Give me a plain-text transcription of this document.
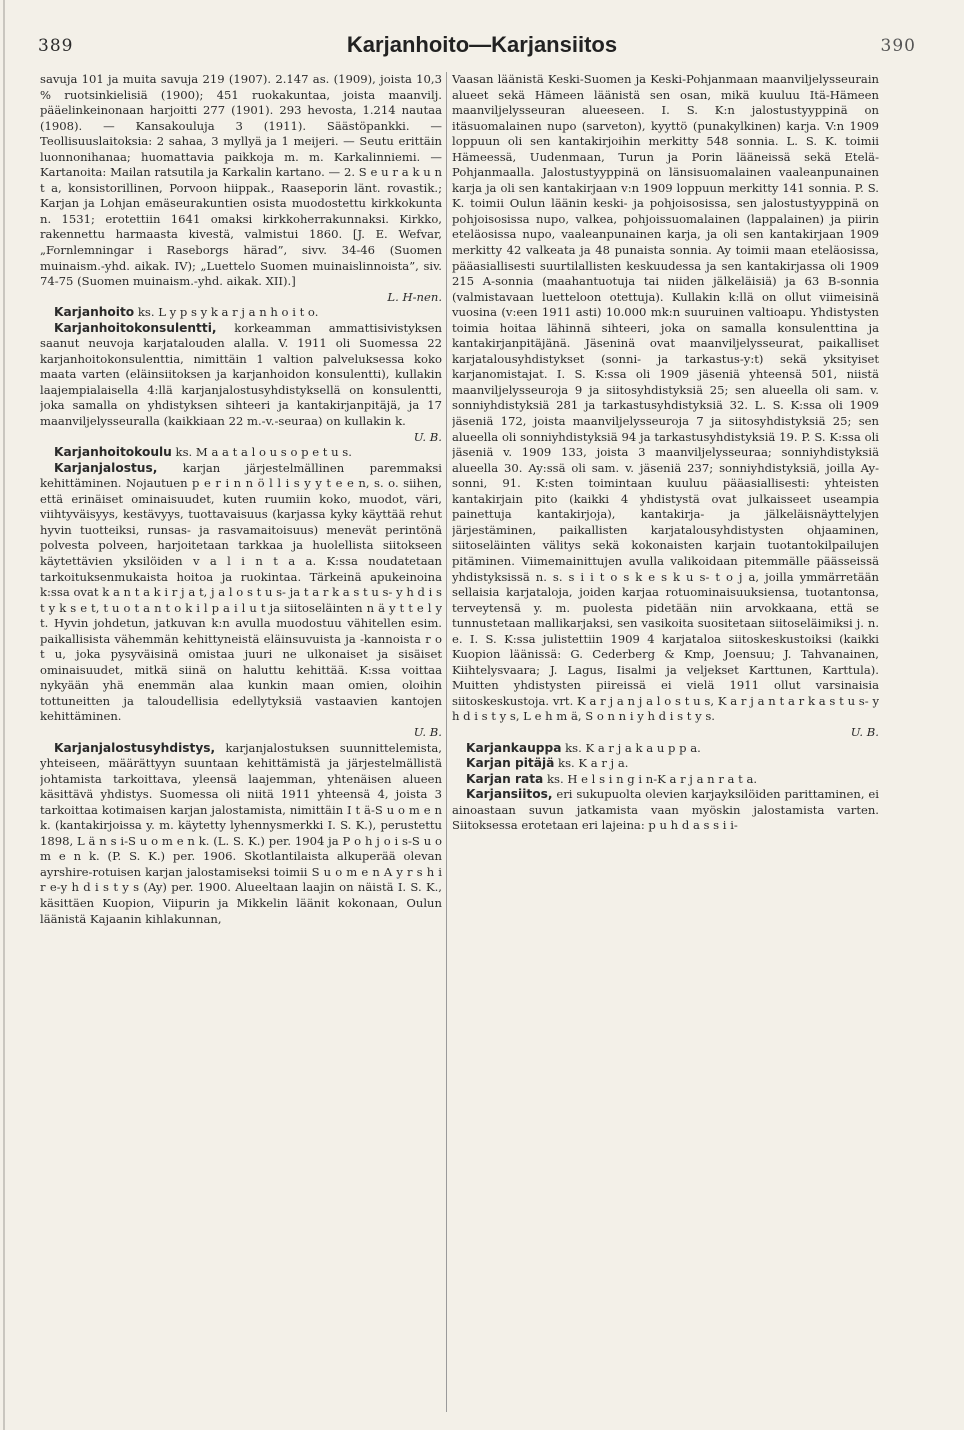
389	Karjanhoito—Karjansiitos	390

savuja 101 ja muita savuja 219 (1907). 2.147 as. (1909), joista 10,3 % ruotsinkielisiä (1900); 451 ruokakuntaa, joista maanvilj. pääelinkeinonaan harjoitti 277 (1901). 293 hevosta, 1.214 nautaa (1908). — Kansakouluja 3 (1911). Säästöpankki. — Teollisuuslaitoksia: 2 sahaa, 3 myllyä ja 1 meijeri. — Seutu erittäin luonnonihanaa; huomattavia paikkoja m. m. Karkalinniemi. — Kartanoita: Mailan ratsutila ja Karkalin kartano. — 2. S e u r a k u n t a, konsistorillinen, Porvoon hiippak., Raaseporin länt. rovastik.; Karjan ja Lohjan emäseurakuntien osista muodostettu kirkkokunta n. 1531; erotettiin 1641 omaksi kirkkoherrakunnaksi. Kirkko, rakennettu harmaasta kivestä, valmistui 1860. [J. E. Wefvar, „Fornlemningar i Raseborgs härad”, sivv. 34-46 (Suomen muinaism.-yhd. aikak. IV); „Luettelo Suomen muinaislinnoista”, siv. 74-75 (Suomen muinaism.-yhd. aikak. XII).]

L. H-nen.

Karjanhoito ks. L y p s y k a r j a n h o i t o.

Karjanhoitokonsulentti, korkeamman ammattisivistyksen saanut neuvoja karjatalouden alalla. V. 1911 oli Suomessa 22 karjanhoitokonsulenttia, nimittäin 1 valtion palveluksessa koko maata varten (eläinsiitoksen ja karjanhoidon konsulentti), kullakin laajempialaisella 4:llä karjanjalostusyhdistyksellä on konsulentti, joka samalla on yhdistyksen sihteeri ja kantakirjanpitäjä, ja 17 maanviljelysseuralla (kaikkiaan 22 m.-v.-seuraa) on kullakin k.

U. B.

Karjanhoitokoulu ks. M a a t a l o u s o p e t u s.

Karjanjalostus, karjan järjestelmällinen paremmaksi kehittäminen. Nojautuen p e r i n n ö l l i s y y t e e n, s. o. siihen, että erinäiset ominaisuudet, kuten ruumiin koko, muodot, väri, viihtyväisyys, kestävyys, tuottavaisuus (karjassa kyky käyttää rehut hyvin tuotteiksi, runsas- ja rasvamaitoisuus) menevät perintönä polvesta polveen, harjoitetaan tarkkaa ja huolellista siitokseen käytettävien yksilöiden v a l i n t a a. K:ssa noudatetaan tarkoituksenmukaista hoitoa ja ruokintaa. Tärkeinä apukeinoina k:ssa ovat k a n t a k i r j a t, j a l o s t u s- ja t a r k a s t u s- y h d i s t y k s e t, t u o t a n t o k i l p a i l u t ja siitoseläinten n ä y t t e l y t. Hyvin johdetun, jatkuvan k:n avulla muodostuu vähitellen esim. paikallisista vähemmän kehittyneistä eläinsuvuista ja -kannoista r o t u, joka pysyväisinä omistaa juuri ne ulkonaiset ja sisäiset ominaisuudet, mitkä siinä on haluttu kehittää. K:ssa voittaa nykyään yhä enemmän alaa kunkin maan omien, oloihin tottuneitten ja taloudellisia edellytyksiä vastaavien kantojen kehittäminen.

U. B.

Karjanjalostusyhdistys, karjanjalostuksen suunnittelemista, yhteiseen, määrättyyn suuntaan kehittämistä ja järjestelmällistä johtamista tarkoittava, yleensä laajemman, yhtenäisen alueen käsittävä yhdistys. Suomessa oli niitä 1911 yhteensä 4, joista 3 tarkoittaa kotimaisen karjan jalostamista, nimittäin I t ä-S u o m e n k. (kantakirjoissa y. m. käytetty lyhennysmerkki I. S. K.), perustettu 1898, L ä n s i-S u o m e n k. (L. S. K.) per. 1904 ja P o h j o i s-S u o m e n k. (P. S. K.) per. 1906. Skotlantilaista alkuperää olevan ayrshire-rotuisen karjan jalostamiseksi toimii S u o m e n A y r s h i r e-y h d i s t y s (Ay) per. 1900. Alueeltaan laajin on näistä I. S. K., käsittäen Kuopion, Viipurin ja Mikkelin läänit kokonaan, Oulun läänistä Kajaanin kihlakunnan,

Vaasan läänistä Keski-Suomen ja Keski-Pohjanmaan maanviljelysseurain alueet sekä Hämeen läänistä sen osan, mikä kuuluu Itä-Hämeen maanviljelysseuran alueeseen. I. S. K:n jalostustyyppinä on itäsuomalainen nupo (sarveton), kyyttö (punakylkinen) karja. V:n 1909 loppuun oli sen kantakirjoihin merkitty 548 sonnia. L. S. K. toimii Hämeessä, Uudenmaan, Turun ja Porin lääneissä sekä Etelä-Pohjanmaalla. Jalostustyyppinä on länsisuomalainen vaaleanpunainen karja ja oli sen kantakirjaan v:n 1909 loppuun merkitty 141 sonnia. P. S. K. toimii Oulun läänin keski- ja pohjoisosissa, sen jalostustyyppinä on pohjoisosissa nupo, valkea, pohjoissuomalainen (lappalainen) ja piirin eteläosissa nupo, vaaleanpunainen karja, ja oli sen kantakirjaan 1909 merkitty 42 valkeata ja 48 punaista sonnia. Ay toimii maan eteläosissa, pääasiallisesti suurtilallisten keskuudessa ja sen kantakirjassa oli 1909 215 A-sonnia (maahantuotuja tai niiden jälkeläisiä) ja 63 B-sonnia (valmistavaan luetteloon otettuja). Kullakin k:llä on ollut viimeisinä vuosina (v:een 1911 asti) 10.000 mk:n suuruinen valtioapu. Yhdistysten toimia hoitaa lähinnä sihteeri, joka on samalla konsulenttina ja kantakirjanpitäjänä. Jäseninä ovat maanviljelysseurat, paikalliset karjatalousyhdistykset (sonni- ja tarkastus-y:t) sekä yksityiset karjanomistajat. I. S. K:ssa oli 1909 jäseniä yhteensä 501, niistä maanviljelysseuroja 9 ja siitosyhdistyksiä 25; sen alueella oli sam. v. sonniyhdistyksiä 281 ja tarkastusyhdistyksiä 32. L. S. K:ssa oli 1909 jäseniä 172, joista maanviljelysseuroja 7 ja siitosyhdistyksiä 25; sen alueella oli sonniyhdistyksiä 94 ja tarkastusyhdistyksiä 19. P. S. K:ssa oli jäseniä v. 1909 133, joista 3 maanviljelysseuraa; sonniyhdistyksiä alueella 30. Ay:ssä oli sam. v. jäseniä 237; sonniyhdistyksiä, joilla Ay-sonni, 91. K:sten toimintaan kuuluu pääasiallisesti: yhteisten kantakirjain pito (kaikki 4 yhdistystä ovat julkaisseet useampia painettuja kantakirjoja), kantakirja- ja jälkeläisnäyttelyjen järjestäminen, paikallisten karjatalousyhdistysten ohjaaminen, siitoseläinten välitys sekä kokonaisten karjain tuotantokilpailujen pitäminen. Viimemainittujen avulla valikoidaan pitemmälle päässeissä yhdistyksissä n. s. s i i t o s k e s k u s- t o j a, joilla ymmärretään sellaisia karjataloja, joiden karjaa rotuominaisuuksiensa, tuotantonsa, terveytensä y. m. puolesta pidetään niin arvokkaana, että se tunnustetaan mallikarjaksi, sen vasikoita suositetaan siitoseläimiksi j. n. e. I. S. K:ssa julistettiin 1909 4 karjataloa siitoskeskustoiksi (kaikki Kuopion läänissä: G. Cederberg & Kmp, Joensuu; J. Tahvanainen, Kiihtelysvaara; J. Lagus, Iisalmi ja veljekset Karttunen, Karttula). Muitten yhdistysten piireissä ei vielä 1911 ollut varsinaisia siitoskeskustoja. vrt. K a r j a n j a l o s t u s, K a r j a n t a r k a s t u s- y h d i s t y s, L e h m ä, S o n n i y h d i s t y s.

U. B.

Karjankauppa ks. K a r j a k a u p p a.

Karjan pitäjä ks. K a r j a.

Karjan rata ks. H e l s i n g i n-K a r j a n r a t a.

Karjansiitos, eri sukupuolta olevien karjayksilöiden parittaminen, ei ainoastaan suvun jatkamista vaan myöskin jalostamista varten. Siitoksessa erotetaan eri lajeina: p u h d a s s i i-
